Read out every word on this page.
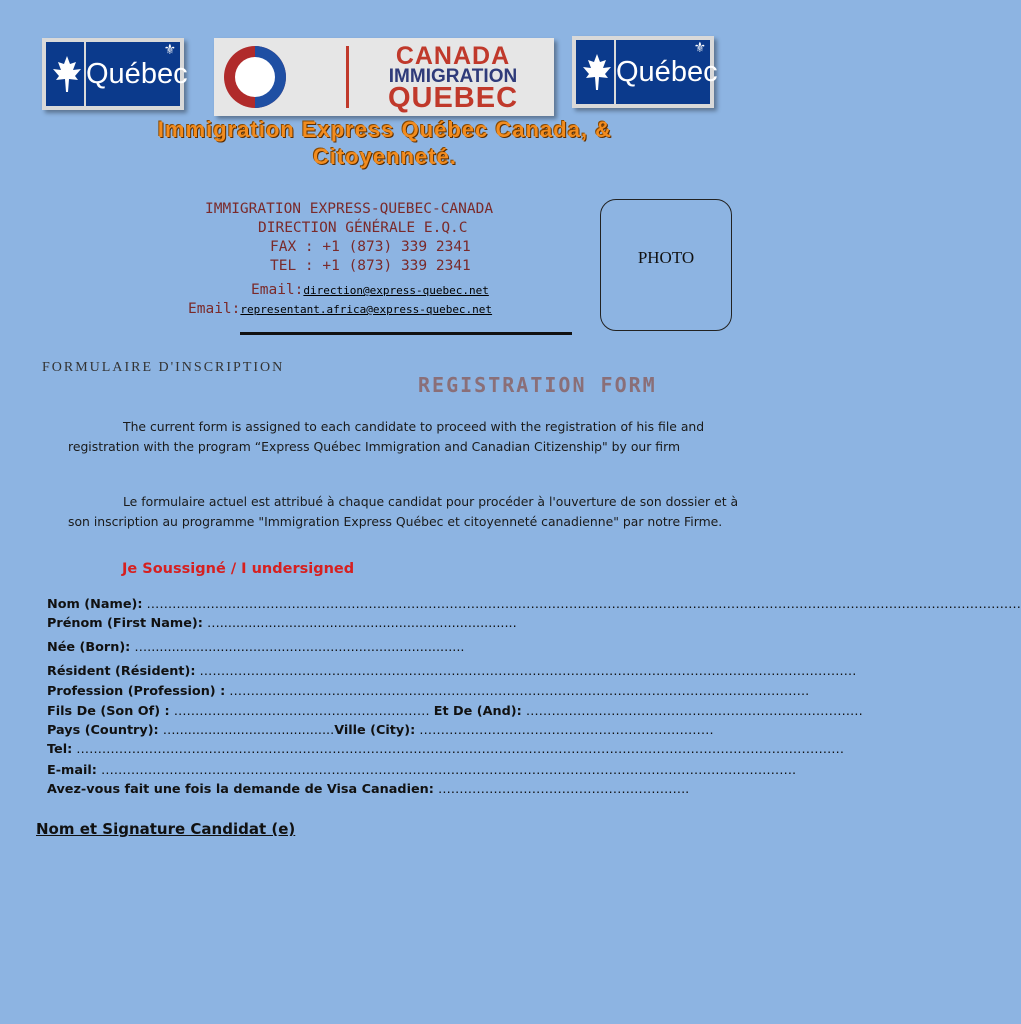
Québec
⚜	CANADA
IMMIGRATION
QUEBEC
Québec
⚜
Immigration Express Québec Canada, &
Citoyenneté.
IMMIGRATION EXPRESS-QUEBEC-CANADA
DIRECTION GÉNÉRALE E.Q.C
FAX : +1 (873) 339 2341
TEL : +1 (873) 339 2341
Email:direction@express-quebec.net
Email:representant.africa@express-quebec.net
PHOTO
FORMULAIRE D'INSCRIPTION
REGISTRATION FORM
The current form is assigned to each candidate to proceed with the registration of his file and registration with the program “Express Québec Immigration and Canadian Citizenship" by our firm
Le formulaire actuel est attribué à chaque candidat pour procéder à l'ouverture de son dossier et à son inscription au programme "Immigration Express Québec et citoyenneté canadienne" par notre Firme.
Je Soussigné / I undersigned
Nom (Name): …………………………………………………………………………………………………………………………………………………………………………………….
Prénom (First Name): ….........................................................................
Née (Born): …..............................................................................
Résident (Résident): ……………………………………………………………………………………………………………………………………….
Profession (Profession) : ……………………………………………………………………………………………………………………….
Fils De (Son Of) : …………………………………………………… Et De (And): …………………………………………………………………….
Pays (Country): ….......................................Ville (City): ……………………………………………………………
Tel: ………………………………………………………………………………………………………………………………………………………………
E-mail: ……………………………………………………………………………………………………………………………………………….
Avez-vous fait une fois la demande de Visa Canadien: …………………………………………………..
Nom et Signature Candidat (e)
